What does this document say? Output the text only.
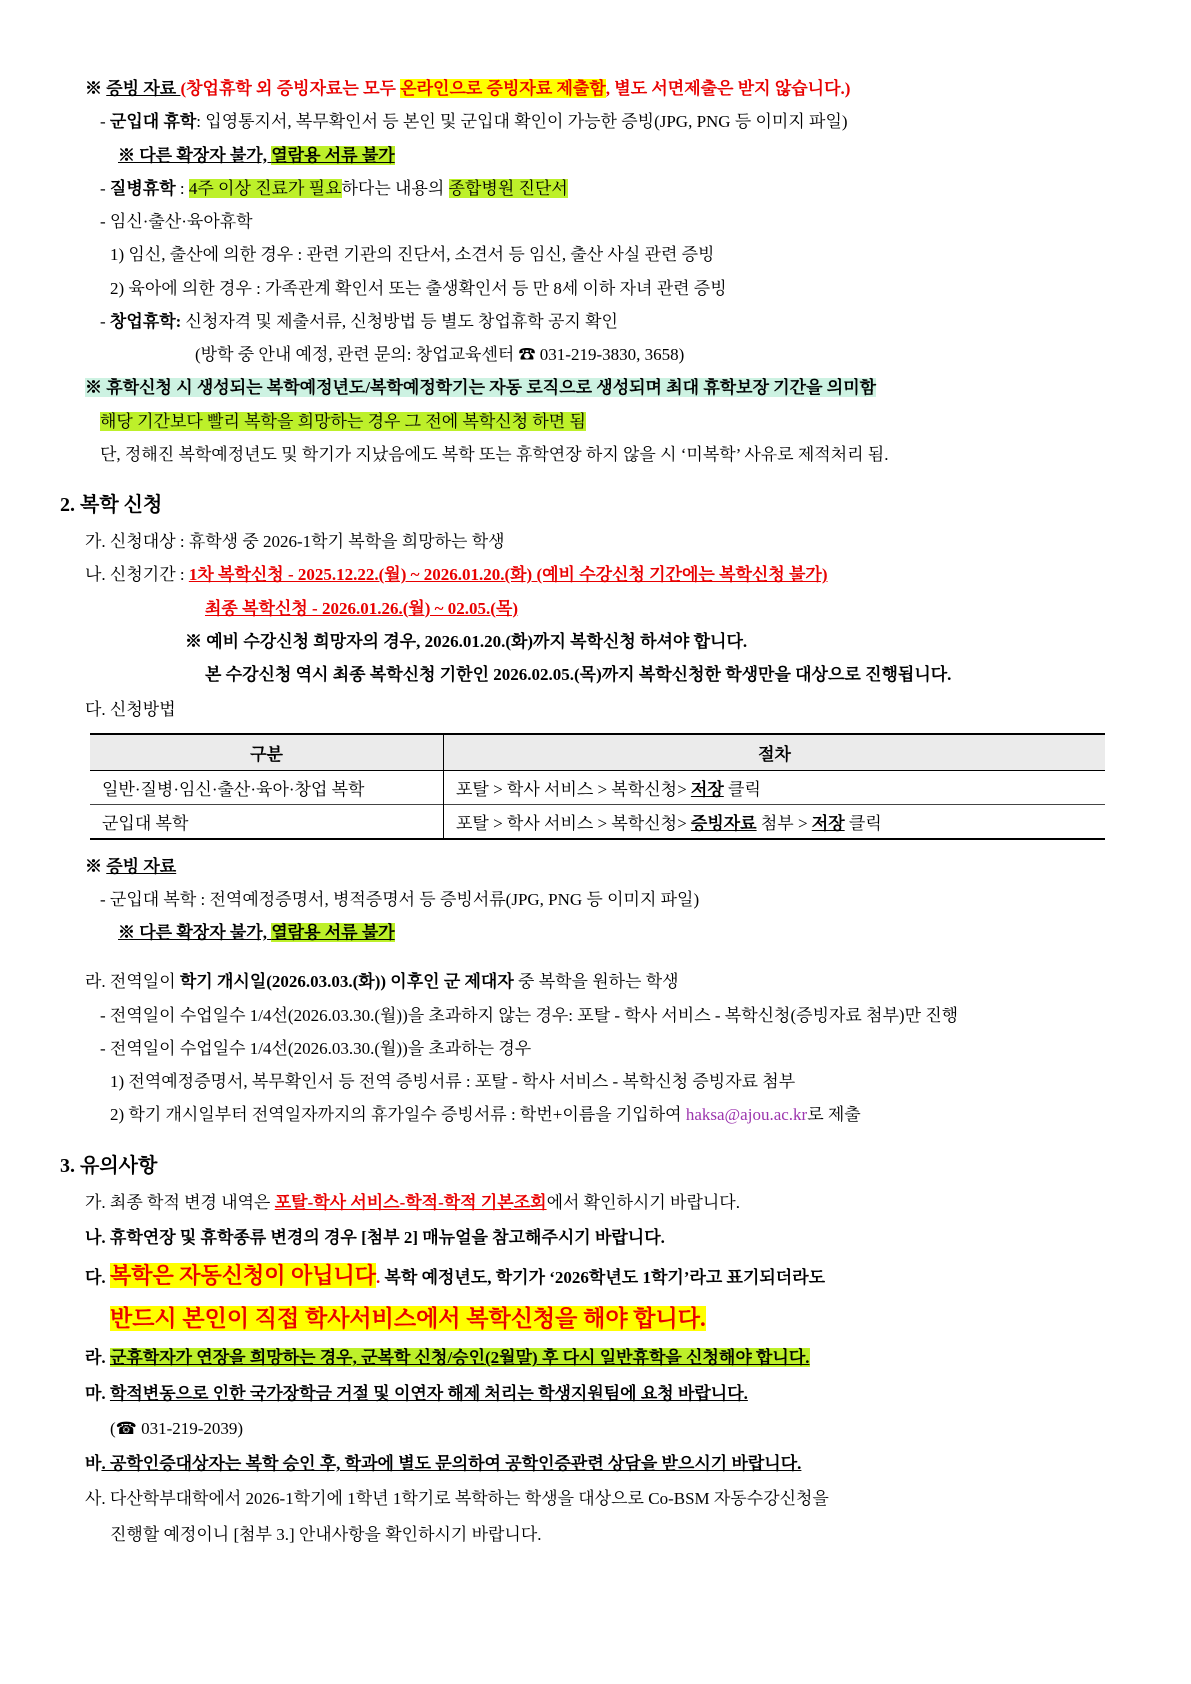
※ 증빙 자료 (창업휴학 외 증빙자료는 모두 온라인으로 증빙자료 제출함, 별도 서면제출은 받지 않습니다.)

- 군입대 휴학: 입영통지서, 복무확인서 등 본인 및 군입대 확인이 가능한 증빙(JPG, PNG 등 이미지 파일)

※ 다른 확장자 불가, 열람용 서류 불가

- 질병휴학 : 4주 이상 진료가 필요하다는 내용의 종합병원 진단서

- 임신·출산·육아휴학

1) 임신, 출산에 의한 경우 : 관련 기관의 진단서, 소견서 등 임신, 출산 사실 관련 증빙

2) 육아에 의한 경우 : 가족관계 확인서 또는 출생확인서 등 만 8세 이하 자녀 관련 증빙

- 창업휴학: 신청자격 및 제출서류, 신청방법 등 별도 창업휴학 공지 확인

(방학 중 안내 예정, 관련 문의: 창업교육센터 ☎ 031-219-3830, 3658)

※ 휴학신청 시 생성되는 복학예정년도/복학예정학기는 자동 로직으로 생성되며 최대 휴학보장 기간을 의미함

해당 기간보다 빨리 복학을 희망하는 경우 그 전에 복학신청 하면 됨

단, 정해진 복학예정년도 및 학기가 지났음에도 복학 또는 휴학연장 하지 않을 시 ‘미복학’ 사유로 제적처리 됨.

2. 복학 신청

가. 신청대상 : 휴학생 중 2026-1학기 복학을 희망하는 학생

나. 신청기간 : 1차 복학신청 - 2025.12.22.(월) ~ 2026.01.20.(화) (예비 수강신청 기간에는 복학신청 불가)

최종 복학신청 - 2026.01.26.(월) ~ 02.05.(목)

※ 예비 수강신청 희망자의 경우, 2026.01.20.(화)까지 복학신청 하셔야 합니다.

본 수강신청 역시 최종 복학신청 기한인 2026.02.05.(목)까지 복학신청한 학생만을 대상으로 진행됩니다.

다. 신청방법

구분	절차
일반·질병·임신·출산·육아·창업 복학	포탈 > 학사 서비스 > 복학신청> 저장 클릭
군입대 복학	포탈 > 학사 서비스 > 복학신청> 증빙자료 첨부 > 저장 클릭

※ 증빙 자료

- 군입대 복학 : 전역예정증명서, 병적증명서 등 증빙서류(JPG, PNG 등 이미지 파일)

※ 다른 확장자 불가, 열람용 서류 불가

라. 전역일이 학기 개시일(2026.03.03.(화)) 이후인 군 제대자 중 복학을 원하는 학생

- 전역일이 수업일수 1/4선(2026.03.30.(월))을 초과하지 않는 경우: 포탈 - 학사 서비스 - 복학신청(증빙자료 첨부)만 진행

- 전역일이 수업일수 1/4선(2026.03.30.(월))을 초과하는 경우

1) 전역예정증명서, 복무확인서 등 전역 증빙서류 : 포탈 - 학사 서비스 - 복학신청 증빙자료 첨부

2) 학기 개시일부터 전역일자까지의 휴가일수 증빙서류 : 학번+이름을 기입하여 haksa@ajou.ac.kr로 제출

3. 유의사항

가. 최종 학적 변경 내역은 포탈-학사 서비스-학적-학적 기본조회에서 확인하시기 바랍니다.

나. 휴학연장 및 휴학종류 변경의 경우 [첨부 2] 매뉴얼을 참고해주시기 바랍니다.

다. 복학은 자동신청이 아닙니다. 복학 예정년도, 학기가 ‘2026학년도 1학기’라고 표기되더라도

반드시 본인이 직접 학사서비스에서 복학신청을 해야 합니다.

라. 군휴학자가 연장을 희망하는 경우, 군복학 신청/승인(2월말) 후 다시 일반휴학을 신청해야 합니다.

마. 학적변동으로 인한 국가장학금 거절 및 이연자 해제 처리는 학생지원팀에 요청 바랍니다.

(☎ 031-219-2039)

바. 공학인증대상자는 복학 승인 후, 학과에 별도 문의하여 공학인증관련 상담을 받으시기 바랍니다.

사. 다산학부대학에서 2026-1학기에 1학년 1학기로 복학하는 학생을 대상으로 Co-BSM 자동수강신청을

진행할 예정이니 [첨부 3.] 안내사항을 확인하시기 바랍니다.
